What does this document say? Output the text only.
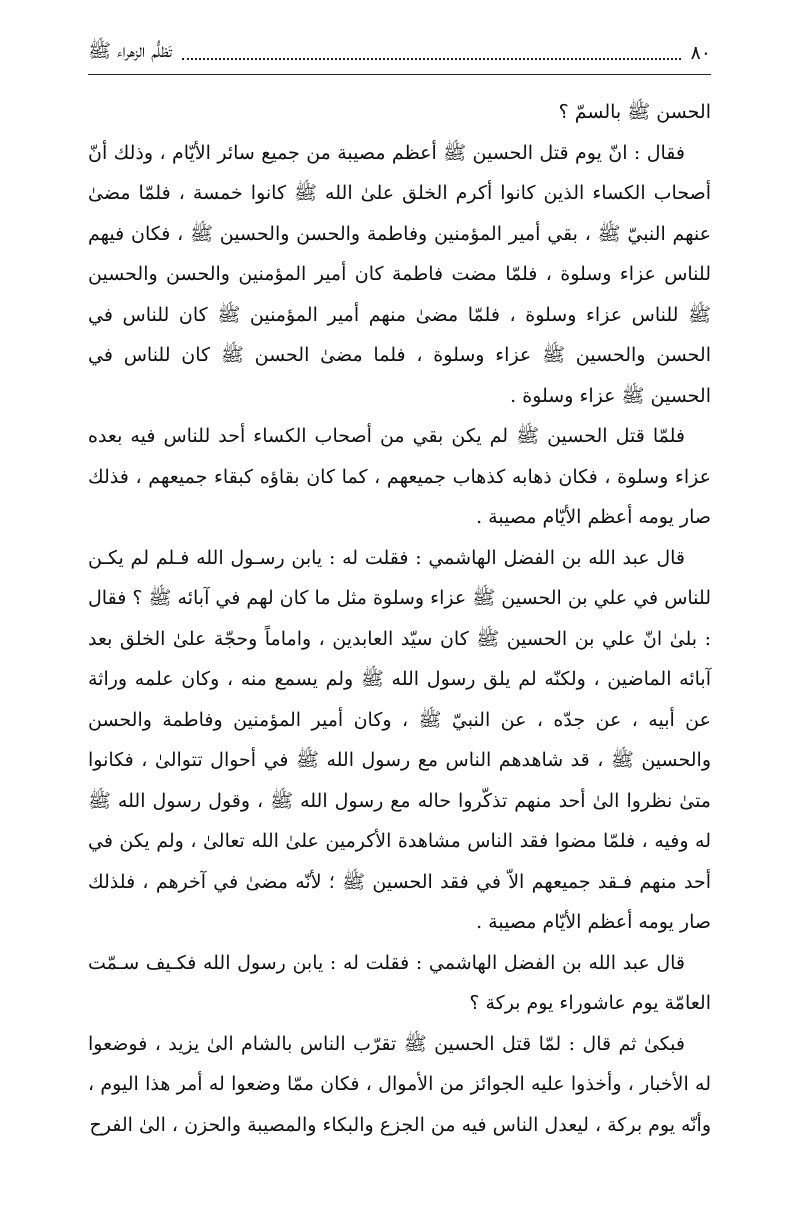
٨٠
تَظلُّم الزهراء ﷺ

الحسن ﷺ بالسمّ ؟

فقال : انّ يوم قتل الحسين ﷺ أعظم مصيبة من جميع سائر الأيّام ، وذلك أنّ أصحاب الكساء الذين كانوا أكرم الخلق علىٰ الله ﷺ كانوا خمسة ، فلمّا مضىٰ عنهم النبيّ ﷺ ، بقي أمير المؤمنين وفاطمة والحسن والحسين ﷺ ، فكان فيهم للناس عزاء وسلوة ، فلمّا مضت فاطمة كان أمير المؤمنين والحسن والحسين ﷺ للناس عزاء وسلوة ، فلمّا مضىٰ منهم أمير المؤمنين ﷺ كان للناس في الحسن والحسين ﷺ عزاء وسلوة ، فلما مضىٰ الحسن ﷺ كان للناس في الحسين ﷺ عزاء وسلوة .

فلمّا قتل الحسين ﷺ لم يكن بقي من أصحاب الكساء أحد للناس فيه بعده عزاء وسلوة ، فكان ذهابه كذهاب جميعهم ، كما كان بقاؤه كبقاء جميعهم ، فذلك صار يومه أعظم الأيّام مصيبة .

قال عبد الله بن الفضل الهاشمي : فقلت له : يابن رسـول الله فـلم لم يكـن للناس في علي بن الحسين ﷺ عزاء وسلوة مثل ما كان لهم في آبائه ﷺ ؟ فقال : بلىٰ انّ علي بن الحسين ﷺ كان سيّد العابدين ، واماماً وحجّة علىٰ الخلق بعد آبائه الماضين ، ولكنّه لم يلق رسول الله ﷺ ولم يسمع منه ، وكان علمه وراثة عن أبيه ، عن جدّه ، عن النبيّ ﷺ ، وكان أمير المؤمنين وفاطمة والحسن والحسين ﷺ ، قد شاهدهم الناس مع رسول الله ﷺ في أحوال تتوالىٰ ، فكانوا متىٰ نظروا الىٰ أحد منهم تذكّروا حاله مع رسول الله ﷺ ، وقول رسول الله ﷺ له وفيه ، فلمّا مضوا فقد الناس مشاهدة الأكرمين علىٰ الله تعالىٰ ، ولم يكن في أحد منهم فـقد جميعهم الاّ في فقد الحسين ﷺ ؛ لأنّه مضىٰ في آخرهم ، فلذلك صار يومه أعظم الأيّام مصيبة .

قال عبد الله بن الفضل الهاشمي : فقلت له : يابن رسول الله فكـيف سـمّت العامّة يوم عاشوراء يوم بركة ؟

فبكىٰ ثم قال : لمّا قتل الحسين ﷺ تقرّب الناس بالشام الىٰ يزيد ، فوضعوا له الأخبار ، وأخذوا عليه الجوائز من الأموال ، فكان ممّا وضعوا له أمر هذا اليوم ، وأنّه يوم بركة ، ليعدل الناس فيه من الجزع والبكاء والمصيبة والحزن ، الىٰ الفرح
